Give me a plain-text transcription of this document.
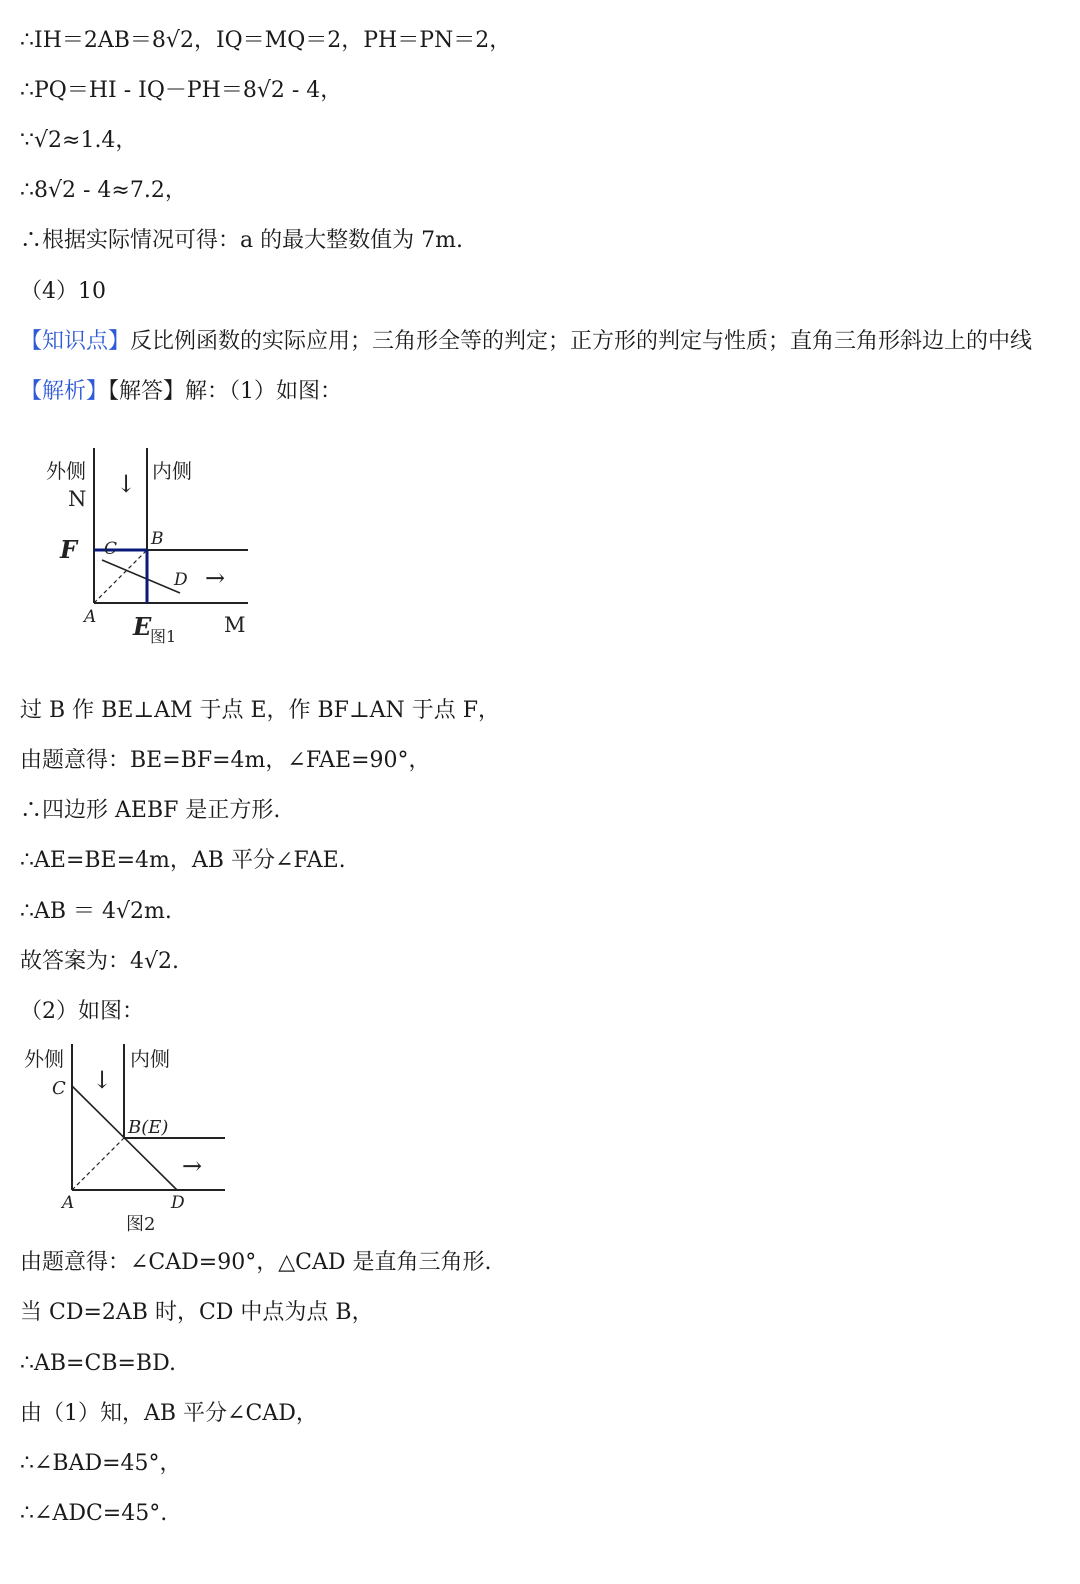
∴IH＝2AB＝8√2，IQ＝MQ＝2，PH＝PN＝2，
∴PQ＝HI - IQ－PH＝8√2 - 4，
∵√2≈1.4，
∴8√2 - 4≈7.2，
∴根据实际情况可得：a 的最大整数值为 7m.
（4）10
【知识点】反比例函数的实际应用；三角形全等的判定；正方形的判定与性质；直角三角形斜边上的中线
【解析】【解答】解：（1）如图：
↓
→
外侧	内侧
N
F C B
D
A E
图1 M
过 B 作 BE⊥AM 于点 E，作 BF⊥AN 于点 F，
由题意得：BE=BF=4m，∠FAE=90°，
∴四边形 AEBF 是正方形.
∴AE=BE=4m，AB 平分∠FAE.
∴AB ＝ 4√2m.
故答案为：4√2.
（2）如图：
↓
→
外侧	内侧
C
B(E)
A	D
图2
由题意得：∠CAD=90°，△CAD 是直角三角形.
当 CD=2AB 时，CD 中点为点 B，
∴AB=CB=BD.
由（1）知，AB 平分∠CAD，
∴∠BAD=45°，
∴∠ADC=45°.
